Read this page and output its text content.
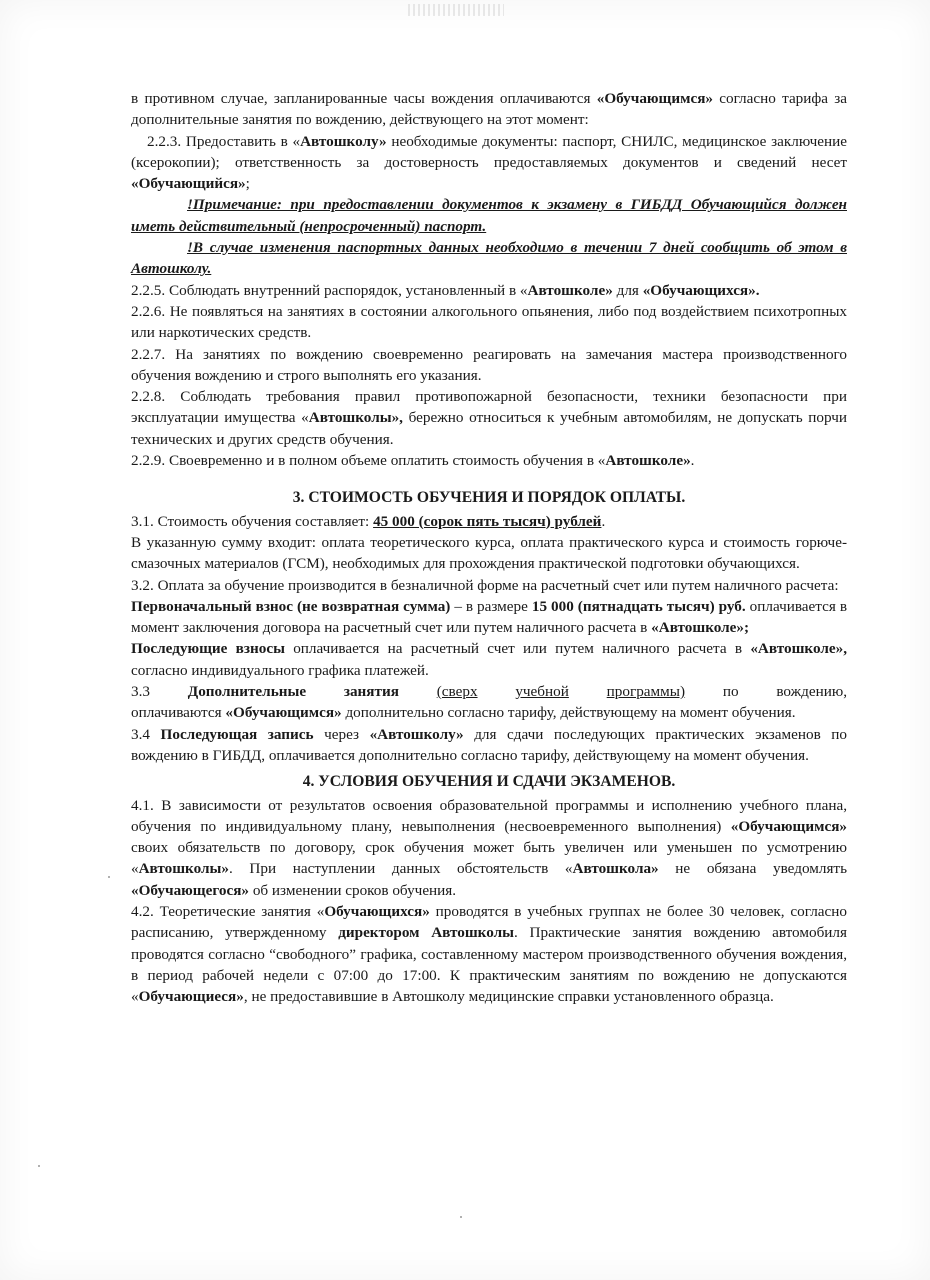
в противном случае, запланированные часы вождения оплачиваются «Обучающимся» согласно тарифа за дополнительные занятия по вождению, действующего на этот момент:

2.2.3. Предоставить в «Автошколу» необходимые документы: паспорт, СНИЛС, медицинское заключение (ксерокопии); ответственность за достоверность предоставляемых документов и сведений несет «Обучающийся»;

!Примечание: при предоставлении документов к экзамену в ГИБДД Обучающийся должен иметь действительный (непросроченный) паспорт.

!В случае изменения паспортных данных необходимо в течении 7 дней сообщить об этом в Автошколу.

2.2.5. Соблюдать внутренний распорядок, установленный в «Автошколе» для «Обучающихся».

2.2.6. Не появляться на занятиях в состоянии алкогольного опьянения, либо под воздействием психотропных или наркотических средств.

2.2.7. На занятиях по вождению своевременно реагировать на замечания мастера производственного обучения вождению и строго выполнять его указания.

2.2.8. Соблюдать требования правил противопожарной безопасности, техники безопасности при эксплуатации имущества «Автошколы», бережно относиться к учебным автомобилям, не допускать порчи технических и других средств обучения.

2.2.9. Своевременно и в полном объеме оплатить стоимость обучения в «Автошколе».

3. СТОИМОСТЬ ОБУЧЕНИЯ И ПОРЯДОК ОПЛАТЫ.

3.1. Стоимость обучения составляет: 45 000 (сорок пять тысяч) рублей.

В указанную сумму входит: оплата теоретического курса, оплата практического курса и стоимость горюче-смазочных материалов (ГСМ), необходимых для прохождения практической подготовки обучающихся.

3.2. Оплата за обучение производится в безналичной форме на расчетный счет или путем наличного расчета:

Первоначальный взнос (не возвратная сумма) – в размере 15 000 (пятнадцать тысяч) руб. оплачивается в момент заключения договора на расчетный счет или путем наличного расчета в «Автошколе»;

Последующие взносы оплачивается на расчетный счет или путем наличного расчета в «Автошколе», согласно индивидуального графика платежей.

3.3 Дополнительные занятия (сверх учебной программы) по вождению,

оплачиваются «Обучающимся» дополнительно согласно тарифу, действующему на момент обучения.

3.4 Последующая запись через «Автошколу» для сдачи последующих практических экзаменов по вождению в ГИБДД, оплачивается дополнительно согласно тарифу, действующему на момент обучения.

4. УСЛОВИЯ ОБУЧЕНИЯ И СДАЧИ ЭКЗАМЕНОВ.

4.1. В зависимости от результатов освоения образовательной программы и исполнению учебного плана, обучения по индивидуальному плану, невыполнения (несвоевременного выполнения) «Обучающимся» своих обязательств по договору, срок обучения может быть увеличен или уменьшен по усмотрению «Автошколы». При наступлении данных обстоятельств «Автошкола» не обязана уведомлять «Обучающегося» об изменении сроков обучения.

4.2. Теоретические занятия «Обучающихся» проводятся в учебных группах не более 30 человек, согласно расписанию, утвержденному директором Автошколы. Практические занятия вождению автомобиля проводятся согласно “свободного” графика, составленному мастером производственного обучения вождения, в период рабочей недели с 07:00 до 17:00. К практическим занятиям по вождению не допускаются «Обучающиеся», не предоставившие в Автошколу медицинские справки установленного образца.
